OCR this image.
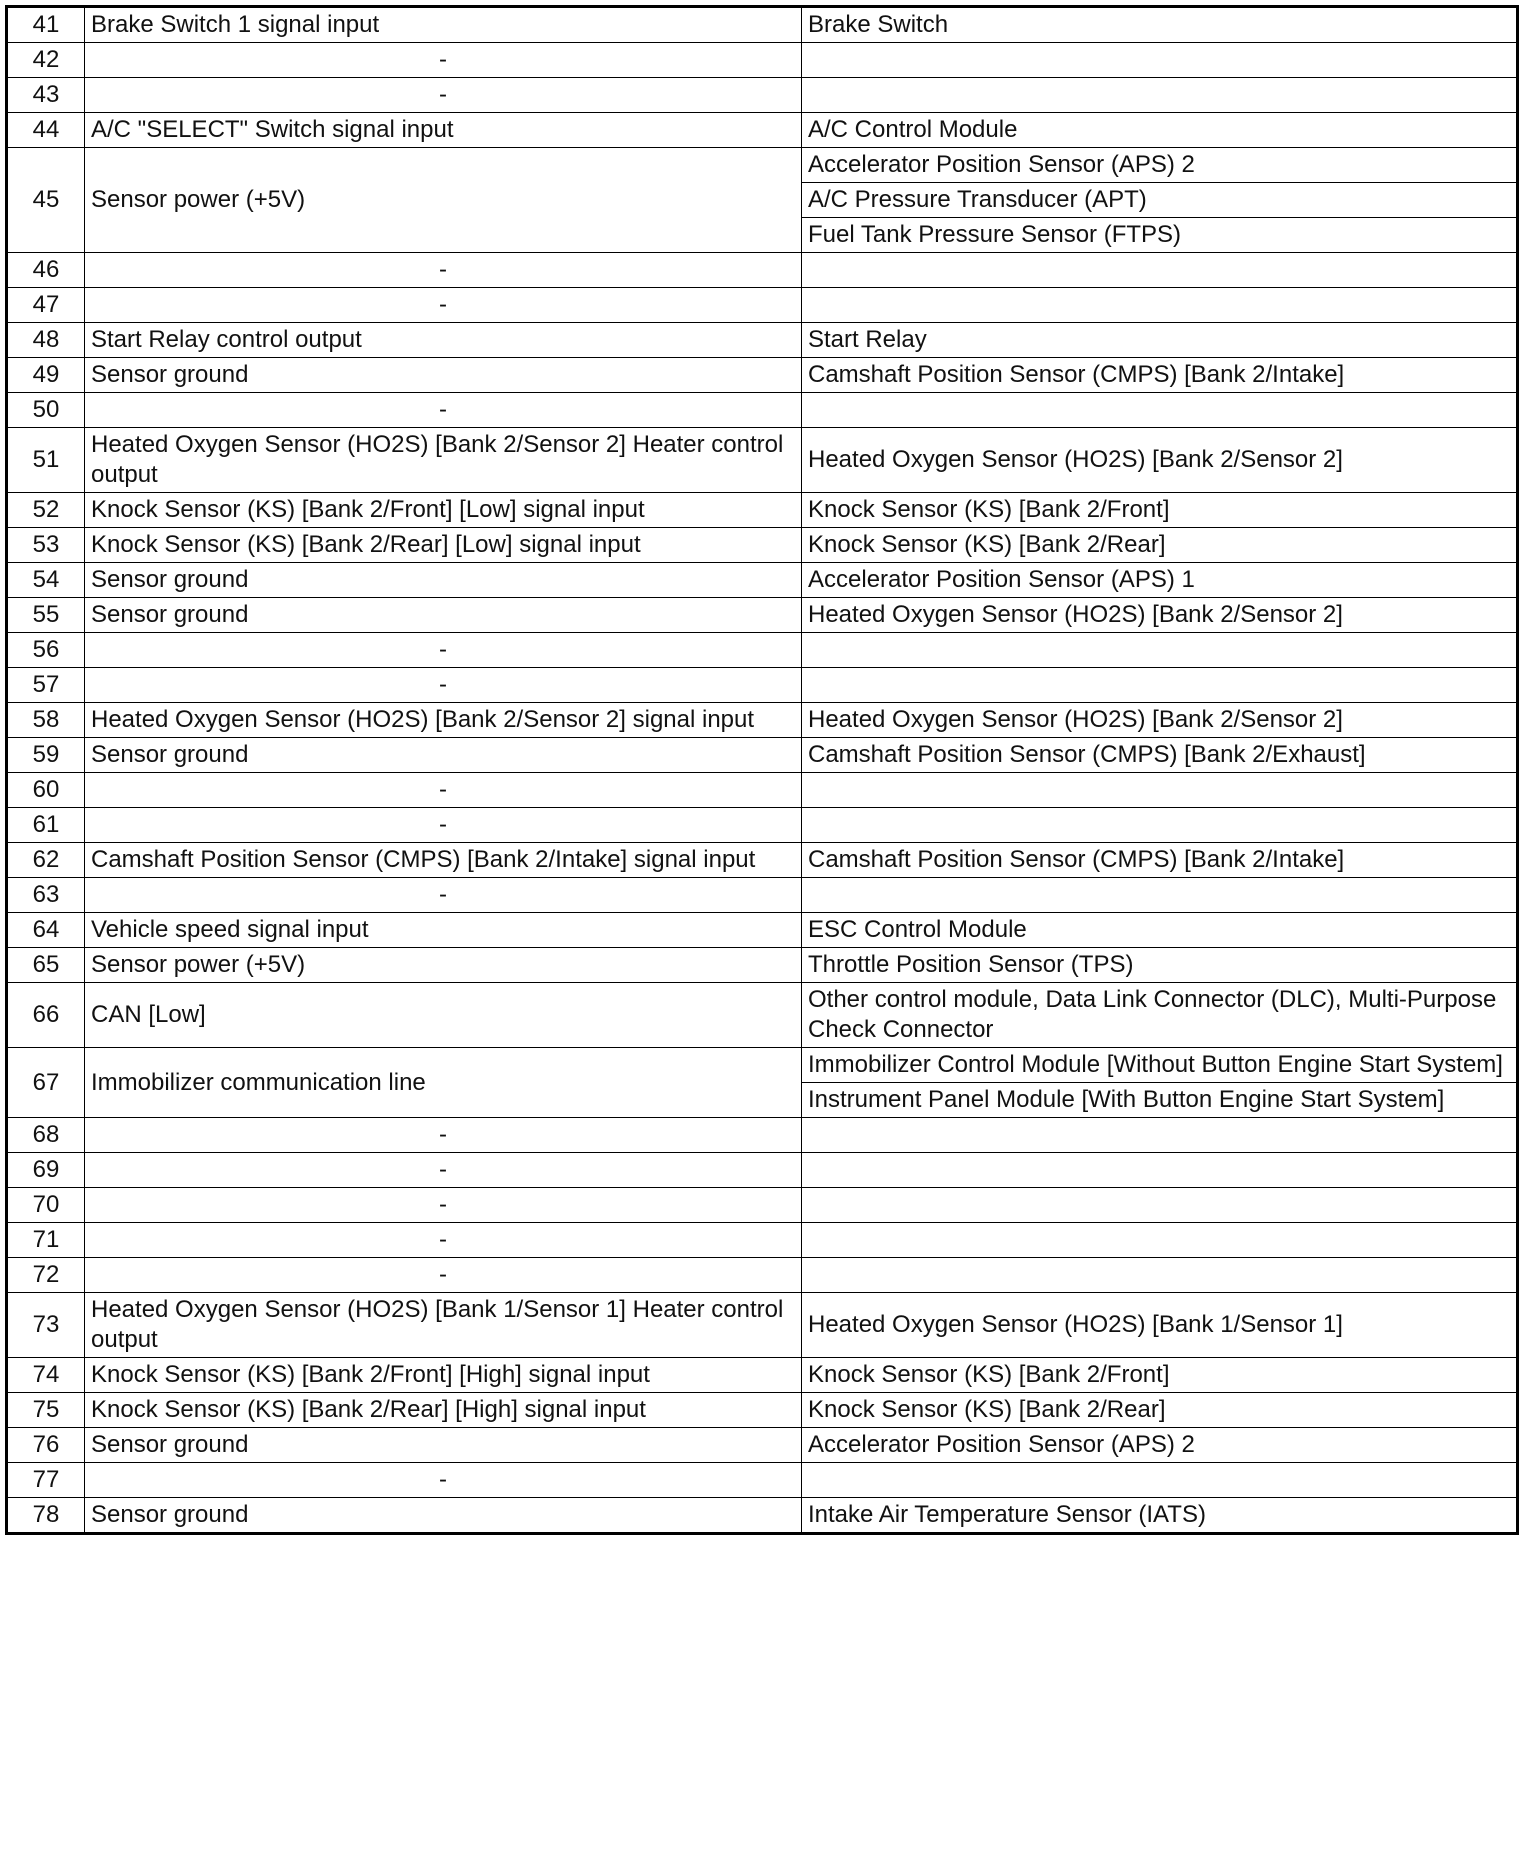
41	Brake Switch 1 signal input	Brake Switch
42	-	
43	-	
44	A/C "SELECT" Switch signal input	A/C Control Module
45	Sensor power (+5V)	Accelerator Position Sensor (APS) 2
		A/C Pressure Transducer (APT)
		Fuel Tank Pressure Sensor (FTPS)
46	-	
47	-	
48	Start Relay control output	Start Relay
49	Sensor ground	Camshaft Position Sensor (CMPS) [Bank 2/Intake]
50	-	
51	Heated Oxygen Sensor (HO2S) [Bank 2/Sensor 2] Heater control output	Heated Oxygen Sensor (HO2S) [Bank 2/Sensor 2]
52	Knock Sensor (KS) [Bank 2/Front] [Low] signal input	Knock Sensor (KS) [Bank 2/Front]
53	Knock Sensor (KS) [Bank 2/Rear] [Low] signal input	Knock Sensor (KS) [Bank 2/Rear]
54	Sensor ground	Accelerator Position Sensor (APS) 1
55	Sensor ground	Heated Oxygen Sensor (HO2S) [Bank 2/Sensor 2]
56	-	
57	-	
58	Heated Oxygen Sensor (HO2S) [Bank 2/Sensor 2] signal input	Heated Oxygen Sensor (HO2S) [Bank 2/Sensor 2]
59	Sensor ground	Camshaft Position Sensor (CMPS) [Bank 2/Exhaust]
60	-	
61	-	
62	Camshaft Position Sensor (CMPS) [Bank 2/Intake] signal input	Camshaft Position Sensor (CMPS) [Bank 2/Intake]
63	-	
64	Vehicle speed signal input	ESC Control Module
65	Sensor power (+5V)	Throttle Position Sensor (TPS)
66	CAN [Low]	Other control module, Data Link Connector (DLC), Multi-Purpose Check Connector
67	Immobilizer communication line	Immobilizer Control Module [Without Button Engine Start System]
		Instrument Panel Module [With Button Engine Start System]
68	-	
69	-	
70	-	
71	-	
72	-	
73	Heated Oxygen Sensor (HO2S) [Bank 1/Sensor 1] Heater control output	Heated Oxygen Sensor (HO2S) [Bank 1/Sensor 1]
74	Knock Sensor (KS) [Bank 2/Front] [High] signal input	Knock Sensor (KS) [Bank 2/Front]
75	Knock Sensor (KS) [Bank 2/Rear] [High] signal input	Knock Sensor (KS) [Bank 2/Rear]
76	Sensor ground	Accelerator Position Sensor (APS) 2
77	-	
78	Sensor ground	Intake Air Temperature Sensor (IATS)
